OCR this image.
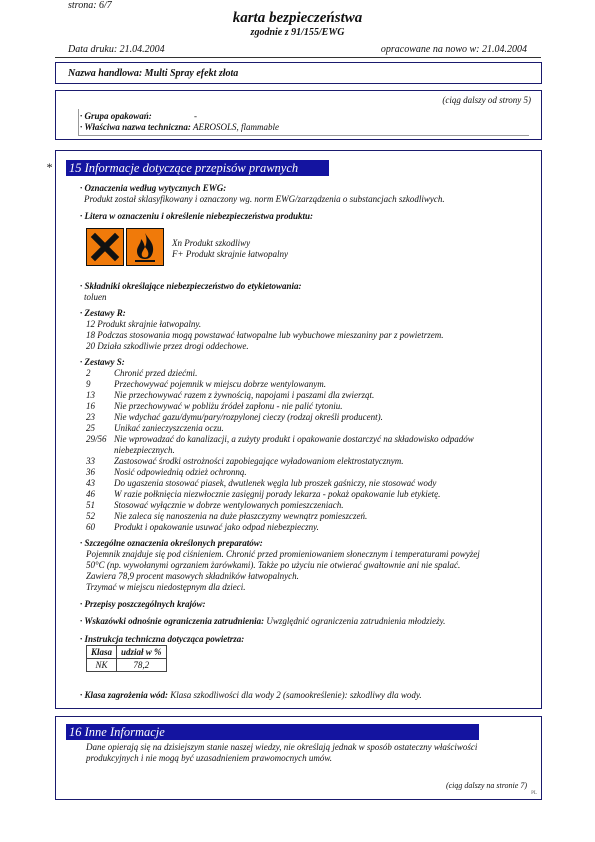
strona: 6/7
karta bezpieczeństwa
zgodnie z 91/155/EWG
Data druku: 21.04.2004	opracowane na nowo w: 21.04.2004
Nazwa handlowa: Multi Spray efekt złota
(ciąg dalszy od strony 5)
· Grupa opakowań:	-
· Właściwa nazwa techniczna: AEROSOLS, flammable
* 15 Informacje dotyczące przepisów prawnych
· Oznaczenia według wytycznych EWG:
Produkt został sklasyfikowany i oznaczony wg. norm EWG/zarządzenia o substancjach szkodliwych.
· Litera w oznaczeniu i określenie niebezpieczeństwa produktu:
Xn Produkt szkodliwy
F+ Produkt skrajnie łatwopalny
· Składniki określające niebezpieczeństwo do etykietowania:
toluen
· Zestawy R:
12 Produkt skrajnie łatwopalny.
18 Podczas stosowania mogą powstawać łatwopalne lub wybuchowe mieszaniny par z powietrzem.
20 Działa szkodliwie przez drogi oddechowe.
· Zestawy S:
2	Chronić przed dziećmi.
9	Przechowywać pojemnik w miejscu dobrze wentylowanym.
13 Nie przechowywać razem z żywnością, napojami i paszami dla zwierząt.
16 Nie przechowywać w pobliżu źródeł zapłonu - nie palić tytoniu.
23 Nie wdychać gazu/dymu/pary/rozpylonej cieczy (rodzaj określi producent).
25 Unikać zanieczyszczenia oczu.
29/56 Nie wprowadzać do kanalizacji, a zużyty produkt i opakowanie dostarczyć na składowisko odpadów
niebezpiecznych.
33 Zastosować środki ostrożności zapobiegające wyładowaniom elektrostatycznym.
36 Nosić odpowiednią odzież ochronną.
43 Do ugaszenia stosować piasek, dwutlenek węgla lub proszek gaśniczy, nie stosować wody
46 W razie połknięcia niezwłocznie zasięgnij porady lekarza - pokaż opakowanie lub etykietę.
51 Stosować wyłącznie w dobrze wentylowanych pomieszczeniach.
52 Nie zaleca się nanoszenia na duże płaszczyzny wewnątrz pomieszczeń.
60 Produkt i opakowanie usuwać jako odpad niebezpieczny.
· Szczególne oznaczenia określonych preparatów:
Pojemnik znajduje się pod ciśnieniem. Chronić przed promieniowaniem słonecznym i temperaturami powyżej
50°C (np. wywołanymi ogrzaniem żarówkami). Także po użyciu nie otwierać gwałtownie ani nie spalać.
Zawiera 78,9 procent masowych składników łatwopalnych.
Trzymać w miejscu niedostępnym dla dzieci.
· Przepisy poszczególnych krajów:
· Wskazówki odnośnie ograniczenia zatrudnienia: Uwzględnić ograniczenia zatrudnienia młodzieży.
· Instrukcja techniczna dotycząca powietrza:
Klasa	udział w %
NK	78,2
· Klasa zagrożenia wód: Klasa szkodliwości dla wody 2 (samookreślenie): szkodliwy dla wody.
16 Inne Informacje
Dane opierają się na dzisiejszym stanie naszej wiedzy, nie określają jednak w sposób ostateczny właściwości
produkcyjnych i nie mogą być uzasadnieniem prawomocnych umów.
(ciąg dalszy na stronie 7)
PL
